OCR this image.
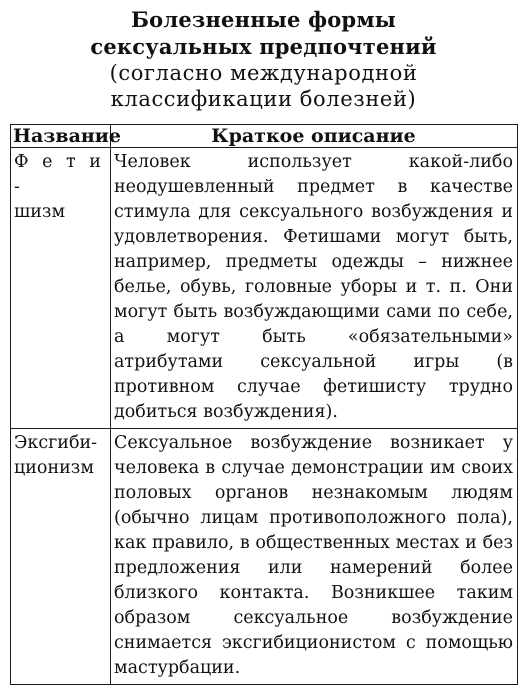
Болезненные формы
сексуальных предпочтений
(согласно международной
классификации болезней)
Название	Краткое описание

Ф е т и -
шизм	Человек использует какой-либо неодушевленный предмет в качестве стимула для сексуального возбуждения и удовлетворения. Фетишами могут быть, например, предметы одежды – нижнее белье, обувь, головные уборы и т. п. Они могут быть возбуждающими сами по себе, а могут быть «обязательными» атрибутами сексуальной игры (в противном случае фетишисту трудно добиться возбуждения).

Эксгиби-
ционизм	Сексуальное возбуждение возникает у человека в случае демонстрации им своих половых органов незнакомым людям (обычно лицам противоположного пола), как правило, в общественных местах и без предложения или намерений более близкого контакта. Возникшее таким образом сексуальное возбуждение снимается эксгибиционистом с помощью мастурбации.
